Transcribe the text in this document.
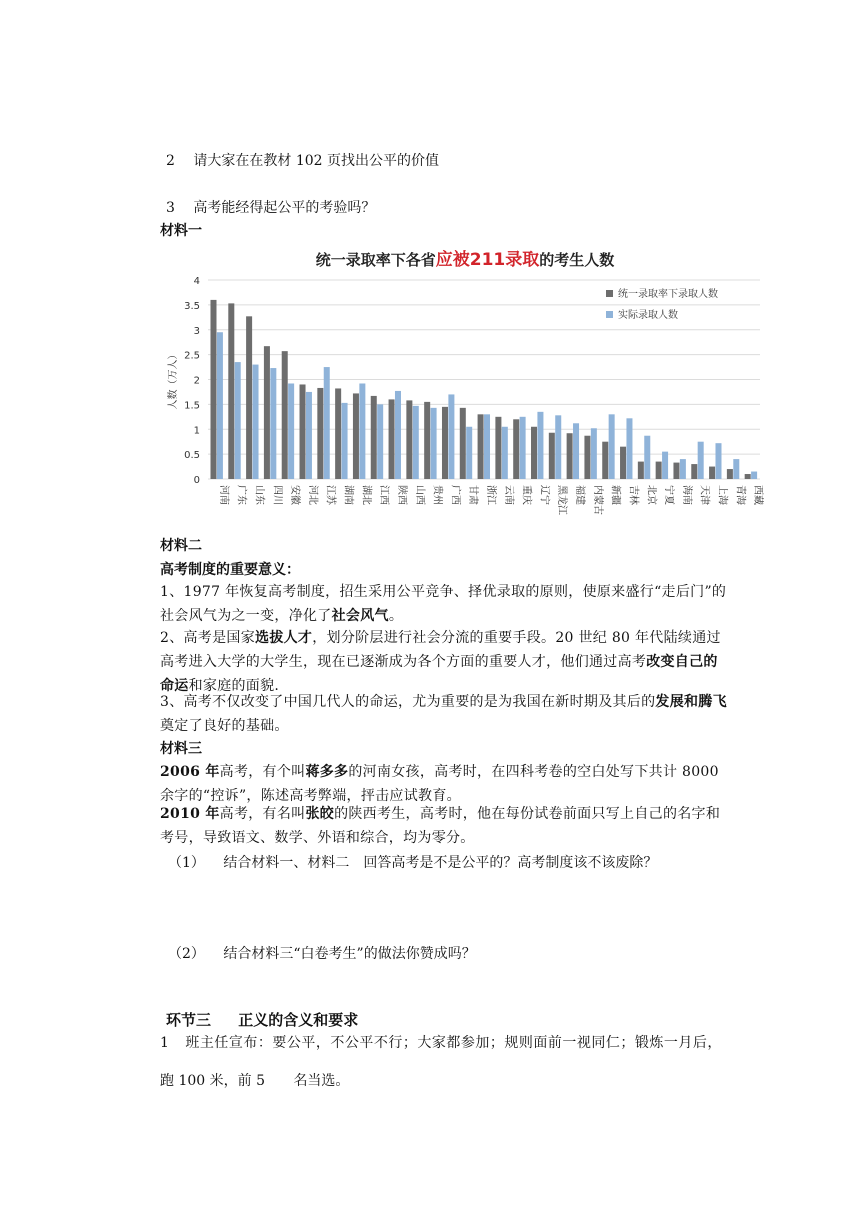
2 请大家在在教材 102 页找出公平的价值
3 高考能经得起公平的考验吗？
材料一
统一录取率下各省应被211录取的考生人数
0
0.5
1
1.5
2
2.5
3
3.5
4
人数（万人）
河南 广东 山东 四川 安徽 河北 江苏 湖南 湖北 江西 陕西 山西 贵州 广西 甘肃 浙江 云南 重庆 辽宁 黑龙江 福建 内蒙古 新疆 吉林 北京 宁夏 海南 天津 上海 青海 西藏
统一录取率下录取人数
实际录取人数
材料二
高考制度的重要意义：
1、1977 年恢复高考制度，招生采用公平竞争、择优录取的原则，使原来盛行“走后门”的社会风气为之一变，净化了社会风气。
2、高考是国家选拔人才，划分阶层进行社会分流的重要手段。20 世纪 80 年代陆续通过高考进入大学的大学生，现在已逐渐成为各个方面的重要人才，他们通过高考改变自己的命运和家庭的面貌.
3、高考不仅改变了中国几代人的命运，尤为重要的是为我国在新时期及其后的发展和腾飞奠定了良好的基础。
材料三
2006 年高考，有个叫蒋多多的河南女孩，高考时，在四科考卷的空白处写下共计 8000 余字的“控诉”，陈述高考弊端，抨击应试教育。
2010 年高考，有名叫张皎的陕西考生，高考时，他在每份试卷前面只写上自己的名字和考号，导致语文、数学、外语和综合，均为零分。
（1） 结合材料一、材料二　回答高考是不是公平的？高考制度该不该废除？
（2） 结合材料三“白卷考生”的做法你赞成吗？
环节三 正义的含义和要求
1 班主任宣布：要公平，不公平不行；大家都参加；规则面前一视同仁；锻炼一月后，
跑 100 米，前 5 名当选。
